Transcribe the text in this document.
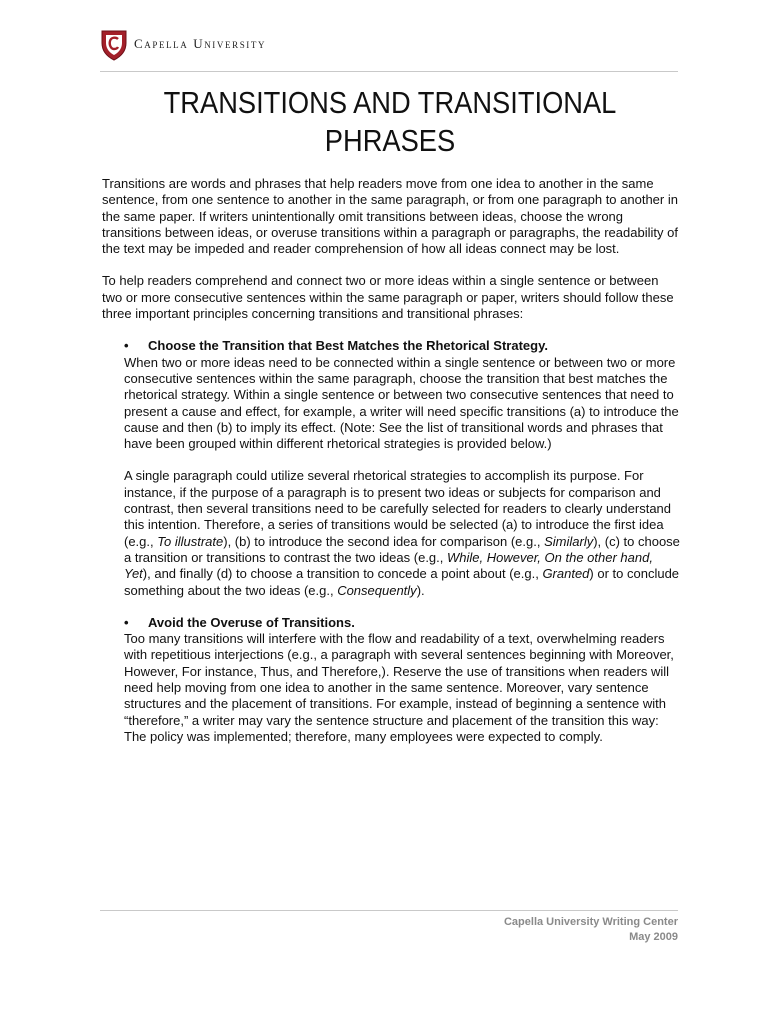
Capella University
TRANSITIONS AND TRANSITIONAL
PHRASES

Transitions are words and phrases that help readers move from one idea to another in the same sentence, from one sentence to another in the same paragraph, or from one paragraph to another in the same paper. If writers unintentionally omit transitions between ideas, choose the wrong transitions between ideas, or overuse transitions within a paragraph or paragraphs, the readability of the text may be impeded and reader comprehension of how all ideas connect may be lost.

To help readers comprehend and connect two or more ideas within a single sentence or between two or more consecutive sentences within the same paragraph or paper, writers should follow these three important principles concerning transitions and transitional phrases:

• Choose the Transition that Best Matches the Rhetorical Strategy.

When two or more ideas need to be connected within a single sentence or between two or more consecutive sentences within the same paragraph, choose the transition that best matches the rhetorical strategy. Within a single sentence or between two consecutive sentences that need to present a cause and effect, for example, a writer will need specific transitions (a) to introduce the cause and then (b) to imply its effect. (Note: See the list of transitional words and phrases that have been grouped within different rhetorical strategies is provided below.)

A single paragraph could utilize several rhetorical strategies to accomplish its purpose. For instance, if the purpose of a paragraph is to present two ideas or subjects for comparison and contrast, then several transitions need to be carefully selected for readers to clearly understand this intention. Therefore, a series of transitions would be selected (a) to introduce the first idea (e.g., To illustrate), (b) to introduce the second idea for comparison (e.g., Similarly), (c) to choose a transition or transitions to contrast the two ideas (e.g., While, However, On the other hand, Yet), and finally (d) to choose a transition to concede a point about (e.g., Granted) or to conclude something about the two ideas (e.g., Consequently).

• Avoid the Overuse of Transitions.

Too many transitions will interfere with the flow and readability of a text, overwhelming readers with repetitious interjections (e.g., a paragraph with several sentences beginning with Moreover, However, For instance, Thus, and Therefore,). Reserve the use of transitions when readers will need help moving from one idea to another in the same sentence. Moreover, vary sentence structures and the placement of transitions. For example, instead of beginning a sentence with “therefore,” a writer may vary the sentence structure and placement of the transition this way:

The policy was implemented; therefore, many employees were expected to comply.

Capella University Writing Center
May 2009
